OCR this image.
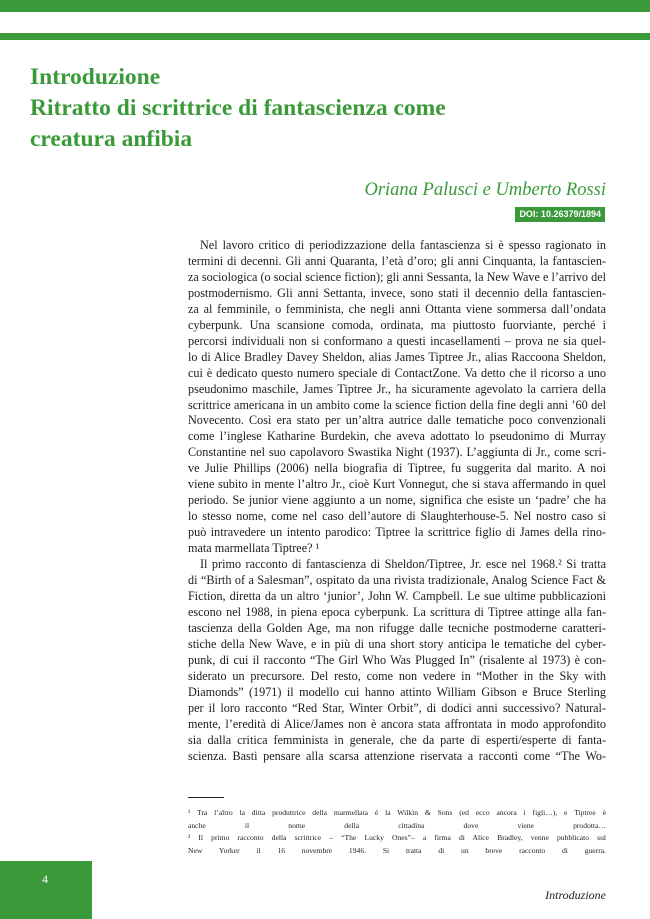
Introduzione
Ritratto di scrittrice di fantascienza come
creatura anfibia

Oriana Palusci e Umberto Rossi

DOI: 10.26379/1894
Nel lavoro critico di periodizzazione della fantascienza si è spesso ragionato in
termini di decenni. Gli anni Quaranta, l’età d’oro; gli anni Cinquanta, la fantascien-
za sociologica (o social science fiction); gli anni Sessanta, la New Wave e l’arrivo del
postmodernismo. Gli anni Settanta, invece, sono stati il decennio della fantascien-
za al femminile, o femminista, che negli anni Ottanta viene sommersa dall’ondata
cyberpunk. Una scansione comoda, ordinata, ma piuttosto fuorviante, perché i
percorsi individuali non si conformano a questi incasellamenti – prova ne sia quel-
lo di Alice Bradley Davey Sheldon, alias James Tiptree Jr., alias Raccoona Sheldon,
cui è dedicato questo numero speciale di ContactZone. Va detto che il ricorso a uno
pseudonimo maschile, James Tiptree Jr., ha sicuramente agevolato la carriera della
scrittrice americana in un ambito come la science fiction della fine degli anni ’60 del
Novecento. Così era stato per un’altra autrice dalle tematiche poco convenzionali
come l’inglese Katharine Burdekin, che aveva adottato lo pseudonimo di Murray
Constantine nel suo capolavoro Swastika Night (1937). L’aggiunta di Jr., come scri-
ve Julie Phillips (2006) nella biografia di Tiptree, fu suggerita dal marito. A noi
viene subito in mente l’altro Jr., cioè Kurt Vonnegut, che si stava affermando in quel
periodo. Se junior viene aggiunto a un nome, significa che esiste un ‘padre’ che ha
lo stesso nome, come nel caso dell’autore di Slaughterhouse-5. Nel nostro caso si
può intravedere un intento parodico: Tiptree la scrittrice figlio di James della rino-
mata marmellata Tiptree? ¹
Il primo racconto di fantascienza di Sheldon/Tiptree, Jr. esce nel 1968.² Si tratta
di “Birth of a Salesman”, ospitato da una rivista tradizionale, Analog Science Fact &
Fiction, diretta da un altro ‘junior’, John W. Campbell. Le sue ultime pubblicazioni
escono nel 1988, in piena epoca cyberpunk. La scrittura di Tiptree attinge alla fan-
tascienza della Golden Age, ma non rifugge dalle tecniche postmoderne caratteri-
stiche della New Wave, e in più di una short story anticipa le tematiche del cyber-
punk, di cui il racconto “The Girl Who Was Plugged In” (risalente al 1973) è con-
siderato un precursore. Del resto, come non vedere in “Mother in the Sky with
Diamonds” (1971) il modello cui hanno attinto William Gibson e Bruce Sterling
per il loro racconto “Red Star, Winter Orbit”, di dodici anni successivo? Natural-
mente, l’eredità di Alice/James non è ancora stata affrontata in modo approfondito
sia dalla critica femminista in generale, che da parte di esperti/esperte di fanta-
scienza. Basti pensare alla scarsa attenzione riservata a racconti come “The Wo-
¹ Tra l’altro la ditta produttrice della marmellata è la Wilkin & Sons (ed ecco ancora i figli…), e Tiptree è
anche il nome della cittadina dove viene prodotta…
² Il primo racconto della scrittrice – “The Lucky Ones”– a firma di Alice Bradley, venne pubblicato sul
New Yorker il 16 novembre 1946. Si tratta di un breve racconto di guerra.
4
Introduzione
